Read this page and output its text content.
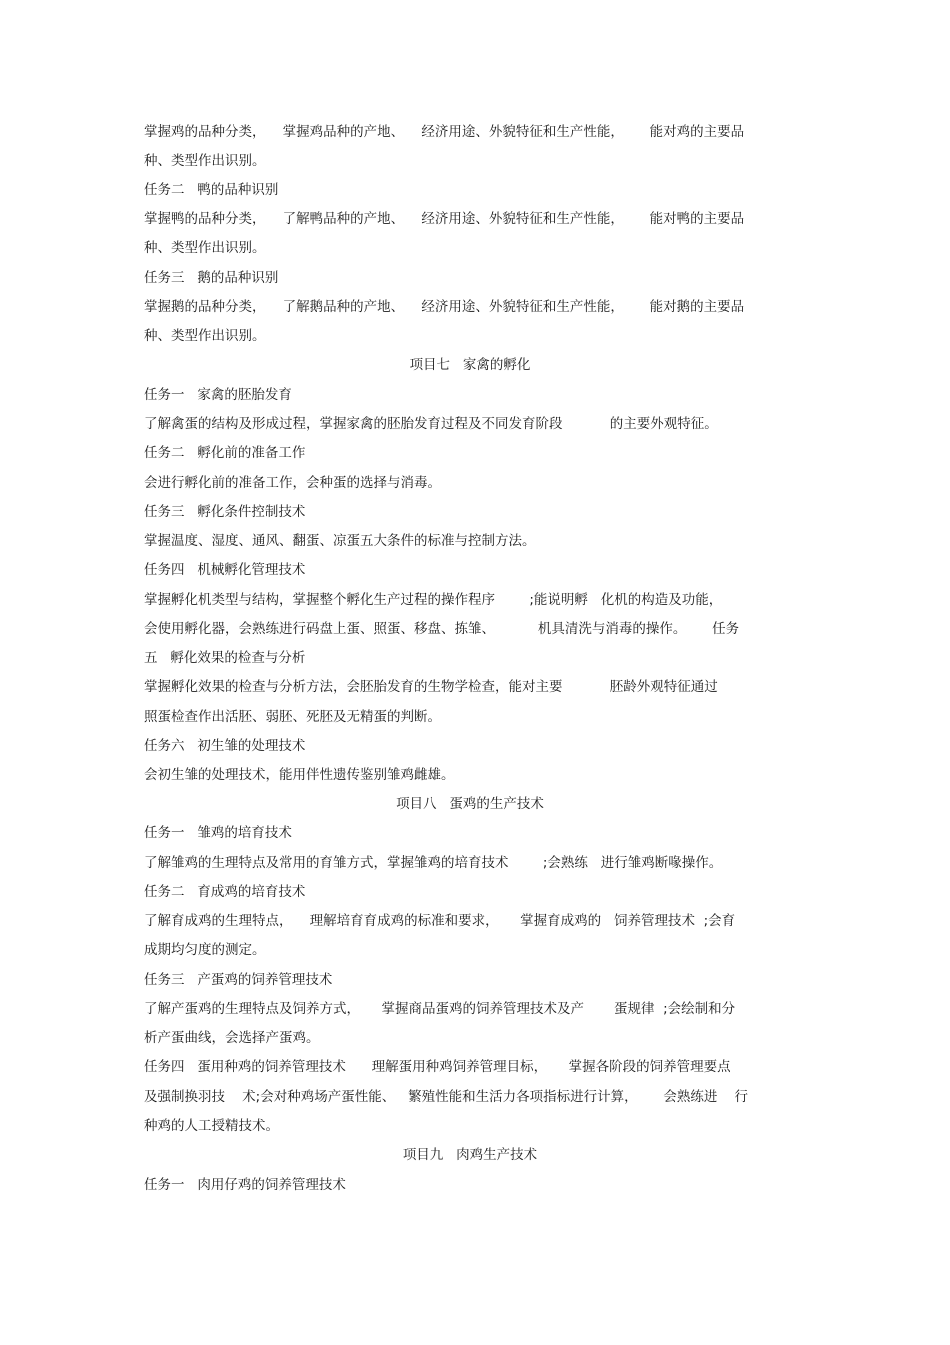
掌握鸡的品种分类，    掌握鸡品种的产地、    经济用途、外貌特征和生产性能，      能对鸡的主要品
种、类型作出识别。
任务二   鸭的品种识别
掌握鸭的品种分类，    了解鸭品种的产地、    经济用途、外貌特征和生产性能，      能对鸭的主要品
种、类型作出识别。
任务三   鹅的品种识别
掌握鹅的品种分类，    了解鹅品种的产地、    经济用途、外貌特征和生产性能，      能对鹅的主要品
种、类型作出识别。
项目七   家禽的孵化
任务一   家禽的胚胎发育
了解禽蛋的结构及形成过程，掌握家禽的胚胎发育过程及不同发育阶段           的主要外观特征。
任务二   孵化前的准备工作
会进行孵化前的准备工作，会种蛋的选择与消毒。
任务三   孵化条件控制技术
掌握温度、湿度、通风、翻蛋、凉蛋五大条件的标准与控制方法。
任务四   机械孵化管理技术
掌握孵化机类型与结构，掌握整个孵化生产过程的操作程序        ;能说明孵   化机的构造及功能，
会使用孵化器，会熟练进行码盘上蛋、照蛋、移盘、拣雏、          机具清洗与消毒的操作。      任务
五   孵化效果的检查与分析
掌握孵化效果的检查与分析方法，会胚胎发育的生物学检查，能对主要           胚龄外观特征通过
照蛋检查作出活胚、弱胚、死胚及无精蛋的判断。
任务六   初生雏的处理技术
会初生雏的处理技术，能用伴性遗传鉴别雏鸡雌雄。
项目八   蛋鸡的生产技术
任务一   雏鸡的培育技术
了解雏鸡的生理特点及常用的育雏方式，掌握雏鸡的培育技术        ;会熟练   进行雏鸡断喙操作。
任务二   育成鸡的培育技术
了解育成鸡的生理特点，    理解培育育成鸡的标准和要求，     掌握育成鸡的   饲养管理技术  ;会育
成期均匀度的测定。
任务三   产蛋鸡的饲养管理技术
了解产蛋鸡的生理特点及饲养方式，     掌握商品蛋鸡的饲养管理技术及产       蛋规律  ;会绘制和分
析产蛋曲线，会选择产蛋鸡。
任务四   蛋用种鸡的饲养管理技术      理解蛋用种鸡饲养管理目标，     掌握各阶段的饲养管理要点
及强制换羽技    术;会对种鸡场产蛋性能、   繁殖性能和生活力各项指标进行计算，      会熟练进    行
种鸡的人工授精技术。
项目九   肉鸡生产技术
任务一   肉用仔鸡的饲养管理技术
